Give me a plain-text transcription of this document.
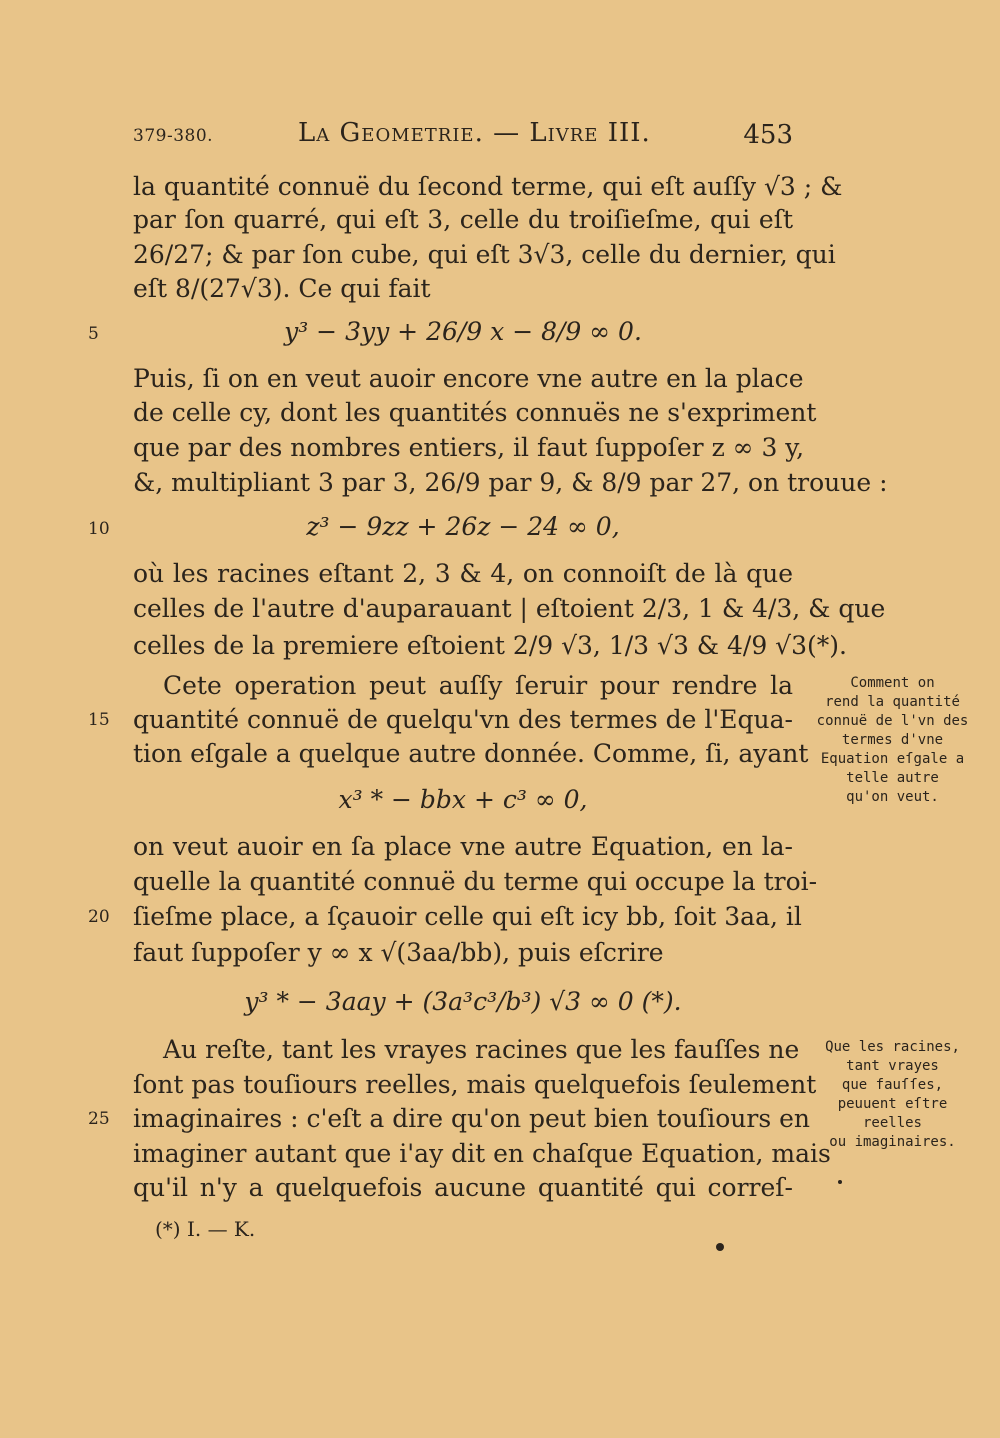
379-380.	La Geometrie. — Livre III.	453
la quantité connuë du ſecond terme, qui eſt auſſy √3 ; &
par ſon quarré, qui eſt 3, celle du troiſieſme, qui eſt
26/27; & par ſon cube, qui eſt 3√3, celle du dernier, qui
eſt 8/(27√3). Ce qui fait
y³ − 3yy + 26/9 x − 8/9 ∞ 0.
Puis, ſi on en veut auoir encore vne autre en la place
de celle cy, dont les quantités connuës ne s'expriment
que par des nombres entiers, il faut ſuppoſer z ∞ 3 y,
&, multipliant 3 par 3, 26/9 par 9, & 8/9 par 27, on trouue :
z³ − 9zz + 26z − 24 ∞ 0,
où les racines eſtant 2, 3 & 4, on connoiſt de là que
celles de l'autre d'auparauant | eſtoient 2/3, 1 & 4/3, & que
celles de la premiere eſtoient 2/9 √3, 1/3 √3 & 4/9 √3(*).
Cete operation peut auſſy ſeruir pour rendre la
quantité connuë de quelqu'vn des termes de l'Equa-
tion eſgale a quelque autre donnée. Comme, ſi, ayant
x³ * − bbx + c³ ∞ 0,
on veut auoir en ſa place vne autre Equation, en la-
quelle la quantité connuë du terme qui occupe la troi-
ſieſme place, a ſçauoir celle qui eſt icy bb, ſoit 3aa, il
faut ſuppoſer y ∞ x √(3aa/bb), puis eſcrire
y³ * − 3aay + (3a³c³/b³) √3 ∞ 0 (*).
Au reſte, tant les vrayes racines que les fauſſes ne
ſont pas touſiours reelles, mais quelquefois ſeulement
imaginaires : c'eſt a dire qu'on peut bien touſiours en
imaginer autant que i'ay dit en chaſque Equation, mais
qu'il n'y a quelquefois aucune quantité qui correſ-
5
10
15
20
25
Comment on
rend la quantité
connuë de l'vn des
termes d'vne
Equation eſgale a
telle autre
qu'on veut.
Que les racines,
tant vrayes
que fauſſes,
peuuent eſtre
reelles
ou imaginaires.
(*) I. — K.
